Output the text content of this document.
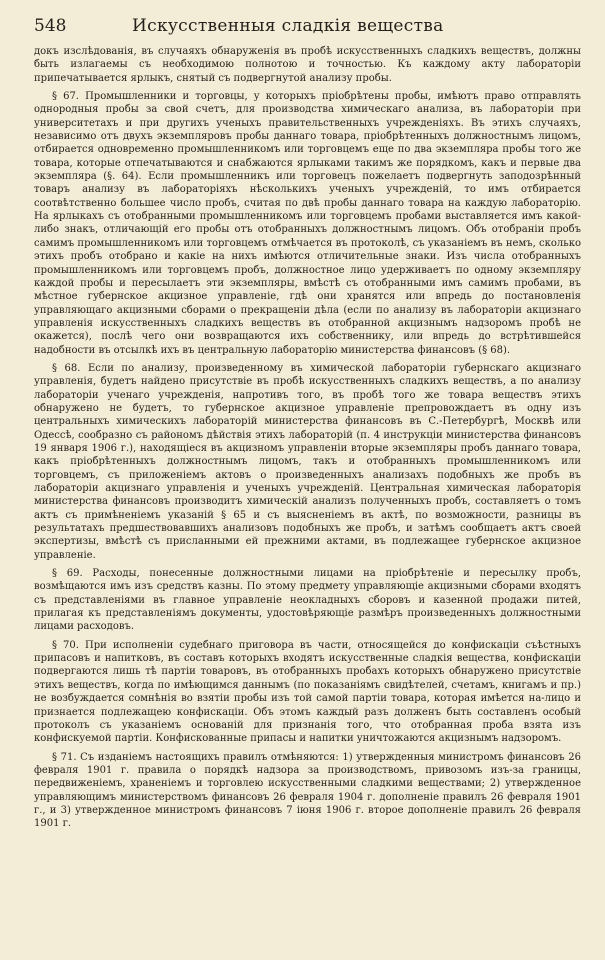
548	Искусственныя сладкія вещества

докъ изслѣдованія, въ случаяхъ обнаруженія въ пробѣ искусственныхъ сладкихъ веществъ, должны быть излагаемы съ необходимою полнотою и точностью. Къ каждому акту лабораторіи припечатывается ярлыкъ, снятый съ подвергнутой анализу пробы.

§ 67. Промышленники и торговцы, у которыхъ пріобрѣтены пробы, имѣютъ право отправлять однородныя пробы за свой счетъ, для производства химическаго анализа, въ лабораторіи при университетахъ и при другихъ ученыхъ правительственныхъ учрежденіяхъ. Въ этихъ случаяхъ, независимо отъ двухъ экземпляровъ пробы даннаго товара, пріобрѣтенныхъ должностнымъ лицомъ, отбирается одновременно промышленникомъ или торговцемъ еще по два экземпляра пробы того же товара, которые отпечатываются и снабжаются ярлыками такимъ же порядкомъ, какъ и первые два экземпляра (§. 64). Если промышленникъ или торговецъ пожелаетъ подвергнуть заподозрѣнный товаръ анализу въ лабораторіяхъ нѣсколькихъ ученыхъ учрежденій, то имъ отбирается соотвѣтственно большее число пробъ, считая по двѣ пробы даннаго товара на каждую лабораторію. На ярлыкахъ съ отобранными промышленникомъ или торговцемъ пробами выставляется имъ какой-либо знакъ, отличающій его пробы отъ отобранныхъ должностнымъ лицомъ. Объ отобраніи пробъ самимъ промышленникомъ или торговцемъ отмѣчается въ протоколѣ, съ указаніемъ въ немъ, сколько этихъ пробъ отобрано и какіе на нихъ имѣются отличительные знаки. Изъ числа отобранныхъ промышленникомъ или торговцемъ пробъ, должностное лицо удерживаетъ по одному экземпляру каждой пробы и пересылаетъ эти экземпляры, вмѣстѣ съ отобранными имъ самимъ пробами, въ мѣстное губернское акцизное управленіе, гдѣ они хранятся или впредь до постановленія управляющаго акцизными сборами о прекращеніи дѣла (если по анализу въ лабораторіи акцизнаго управленія искусственныхъ сладкихъ веществъ въ отобранной акцизнымъ надзоромъ пробѣ не окажется), послѣ чего они возвращаются ихъ собственнику, или впредь до встрѣтившейся надобности въ отсылкѣ ихъ въ центральную лабораторію министерства финансовъ (§ 68).

§ 68. Если по анализу, произведенному въ химической лабораторіи губернскаго акцизнаго управленія, будетъ найдено присутствіе въ пробѣ искусственныхъ сладкихъ веществъ, а по анализу лабораторіи ученаго учрежденія, напротивъ того, въ пробѣ того же товара веществъ этихъ обнаружено не будетъ, то губернское акцизное управленіе препровождаетъ въ одну изъ центральныхъ химическихъ лабораторій министерства финансовъ въ С.-Петербургѣ, Москвѣ или Одессѣ, сообразно съ райономъ дѣйствія этихъ лабораторій (п. 4 инструкціи министерства финансовъ 19 января 1906 г.), находящіеся въ акцизномъ управленіи вторые экземпляры пробъ даннаго товара, какъ пріобрѣтенныхъ должностнымъ лицомъ, такъ и отобранныхъ промышленникомъ или торговцемъ, съ приложеніемъ актовъ о произведенныхъ анализахъ подобныхъ же пробъ въ лабораторіи акцизнаго управленія и ученыхъ учрежденій. Центральная химическая лабораторія министерства финансовъ производитъ химическій анализъ полученныхъ пробъ, составляетъ о томъ актъ съ примѣненіемъ указаній § 65 и съ выясненіемъ въ актѣ, по возможности, разницы въ результатахъ предшествовавшихъ анализовъ подобныхъ же пробъ, и затѣмъ сообщаетъ актъ своей экспертизы, вмѣстѣ съ присланными ей прежними актами, въ подлежащее губернское акцизное управленіе.

§ 69. Расходы, понесенные должностными лицами на пріобрѣтеніе и пересылку пробъ, возмѣщаются имъ изъ средствъ казны. По этому предмету управляющіе акцизными сборами входятъ съ представленіями въ главное управленіе неокладныхъ сборовъ и казенной продажи питей, прилагая къ представленіямъ документы, удостовѣряющіе размѣръ произведенныхъ должностными лицами расходовъ.

§ 70. При исполненіи судебнаго приговора въ части, относящейся до конфискаціи съѣстныхъ припасовъ и напитковъ, въ составъ которыхъ входятъ искусственные сладкія вещества, конфискаціи подвергаются лишь тѣ партіи товаровъ, въ отобранныхъ пробахъ которыхъ обнаружено присутствіе этихъ веществъ, когда по имѣющимся даннымъ (по показаніямъ свидѣтелей, счетамъ, книгамъ и пр.) не возбуждается сомнѣнія во взятіи пробы изъ той самой партіи товара, которая имѣется на-лицо и признается подлежащею конфискаціи. Объ этомъ каждый разъ долженъ быть составленъ особый протоколъ съ указаніемъ основаній для признанія того, что отобранная проба взята изъ конфискуемой партіи. Конфискованные припасы и напитки уничтожаются акцизнымъ надзоромъ.

§ 71. Съ изданіемъ настоящихъ правилъ отмѣняются: 1) утвержденныя министромъ финансовъ 26 февраля 1901 г. правила о порядкѣ надзора за производствомъ, привозомъ изъ-за границы, передвиженіемъ, храненіемъ и торговлею искусственными сладкими веществами; 2) утвержденное управляющимъ министерствомъ финансовъ 26 февраля 1904 г. дополненіе правилъ 26 февраля 1901 г., и 3) утвержденное министромъ финансовъ 7 іюня 1906 г. второе дополненіе правилъ 26 февраля 1901 г.
